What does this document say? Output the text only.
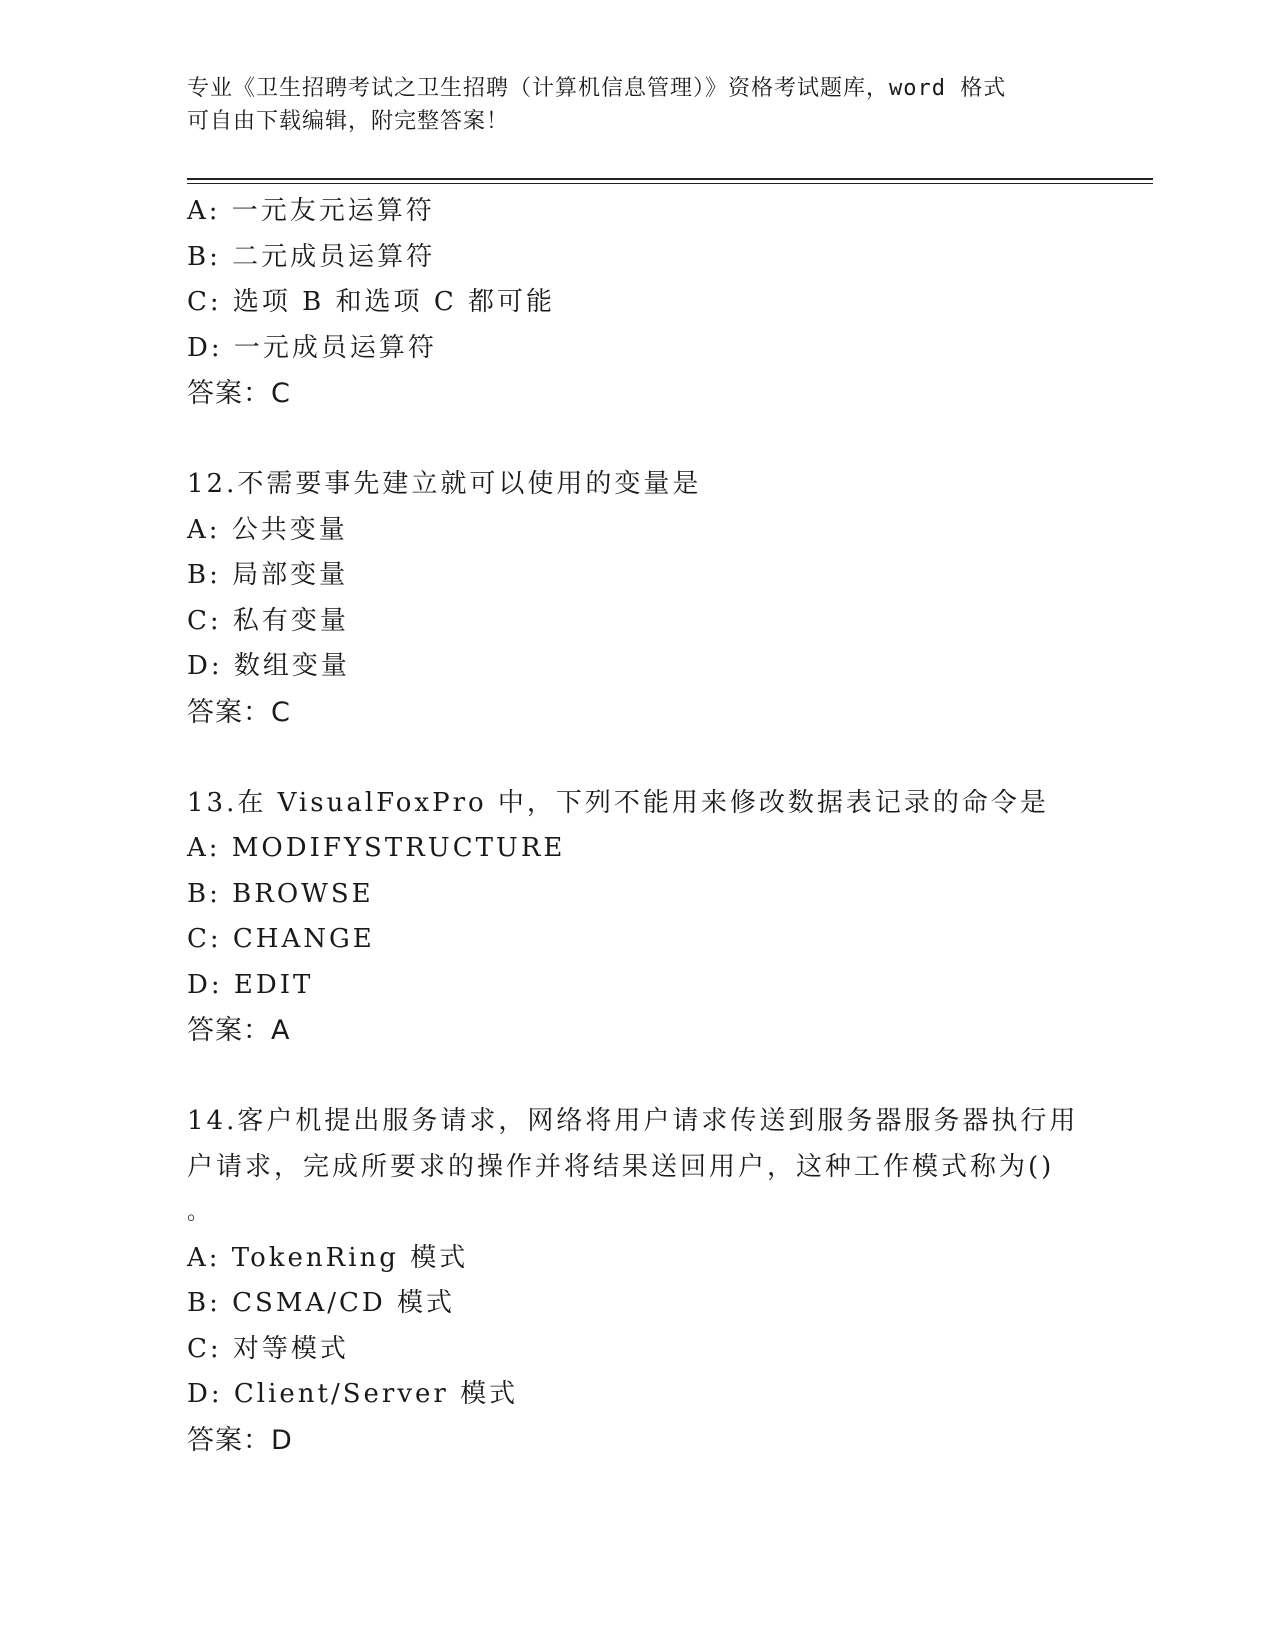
专业《卫生招聘考试之卫生招聘（计算机信息管理）》资格考试题库，word 格式
可自由下载编辑，附完整答案！
A: 一元友元运算符
B: 二元成员运算符
C: 选项 B 和选项 C 都可能
D: 一元成员运算符
答案：C
12.不需要事先建立就可以使用的变量是
A: 公共变量
B: 局部变量
C: 私有变量
D: 数组变量
答案：C
13.在 VisualFoxPro 中，下列不能用来修改数据表记录的命令是
A: MODIFYSTRUCTURE
B: BROWSE
C: CHANGE
D: EDIT
答案：A
14.客户机提出服务请求，网络将用户请求传送到服务器服务器执行用
户请求，完成所要求的操作并将结果送回用户，这种工作模式称为()
。
A: TokenRing 模式
B: CSMA/CD 模式
C: 对等模式
D: Client/Server 模式
答案：D
